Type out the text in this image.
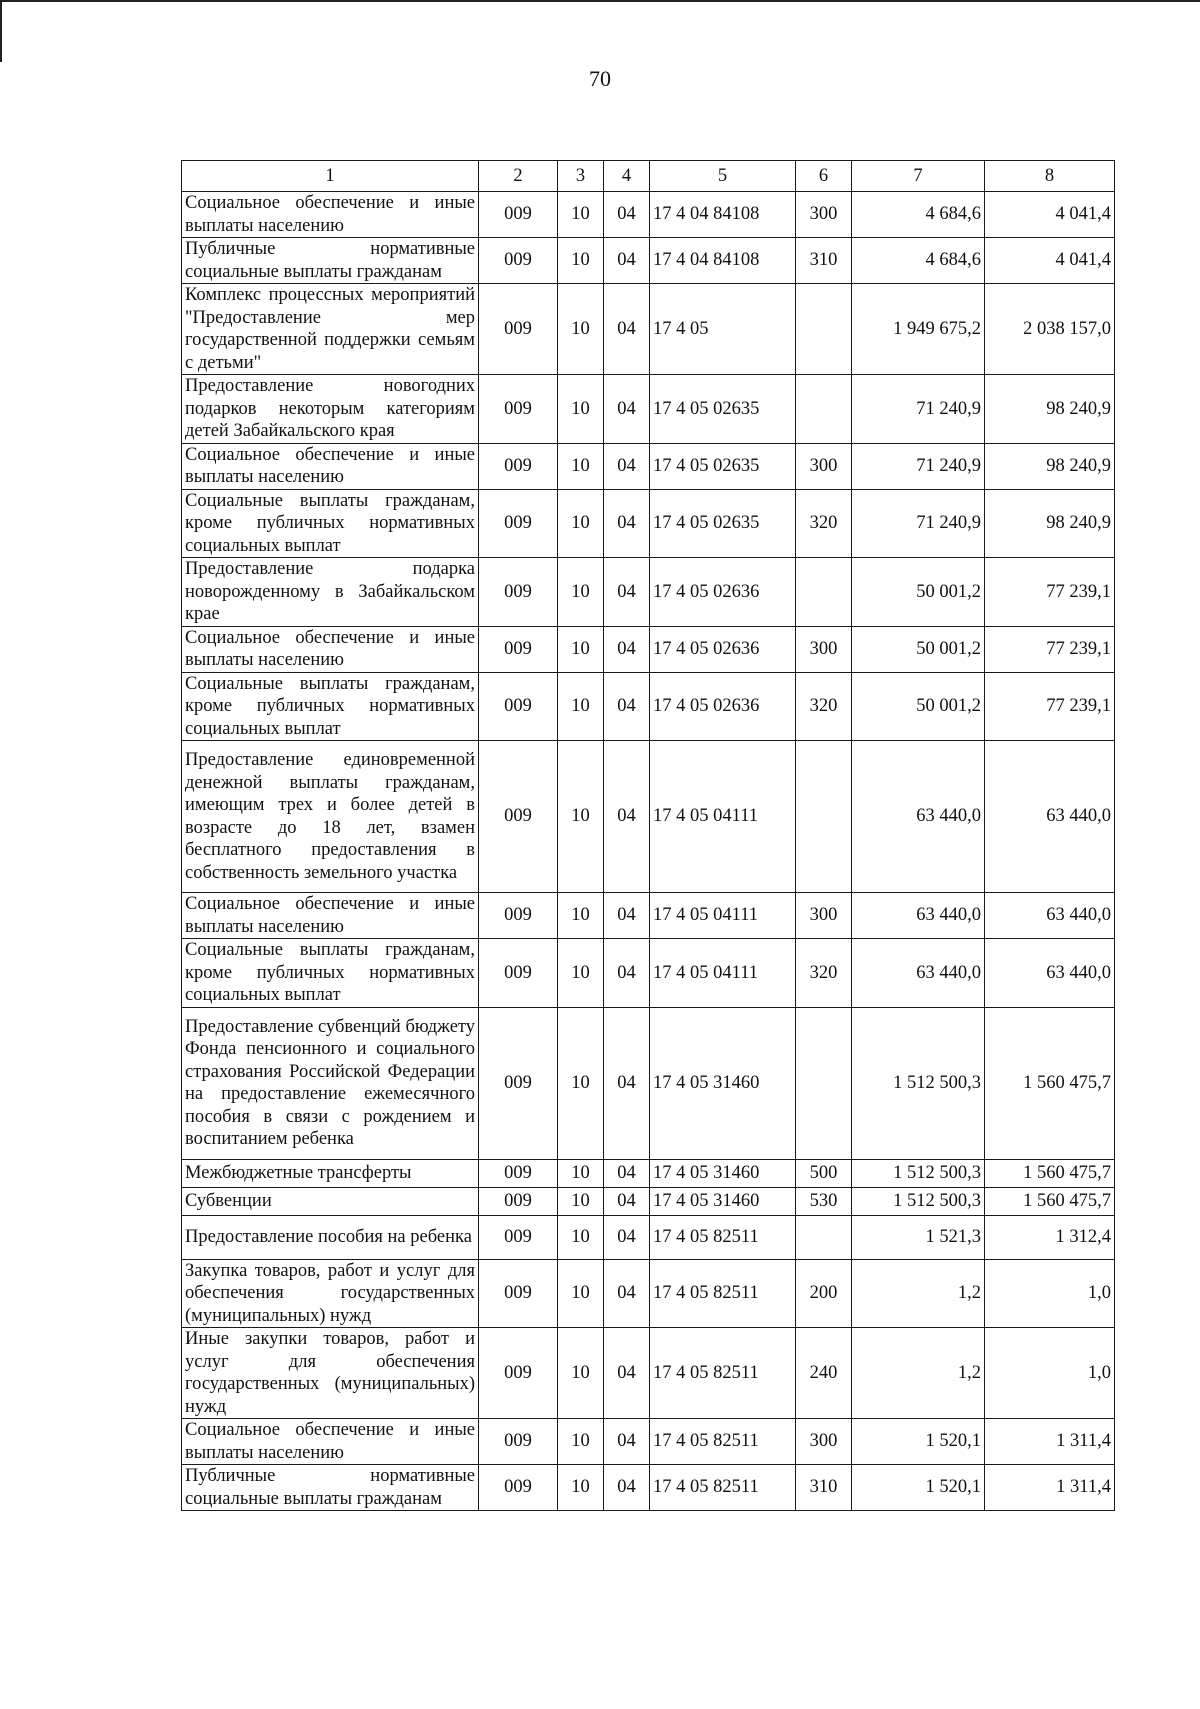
70
1	2	3	4	5	6	7	8
Социальное обеспечение и иные выплаты населению	009	10	04	17 4 04 84108	300	4 684,6	4 041,4
Публичные нормативные социальные выплаты гражданам	009	10	04	17 4 04 84108	310	4 684,6	4 041,4
Комплекс процессных мероприятий "Предоставление мер государственной поддержки семьям с детьми"	009	10	04	17 4 05		1 949 675,2	2 038 157,0
Предоставление новогодних подарков некоторым категориям детей Забайкальского края	009	10	04	17 4 05 02635		71 240,9	98 240,9
Социальное обеспечение и иные выплаты населению	009	10	04	17 4 05 02635	300	71 240,9	98 240,9
Социальные выплаты гражданам, кроме публичных нормативных социальных выплат	009	10	04	17 4 05 02635	320	71 240,9	98 240,9
Предоставление подарка новорожденному в Забайкальском крае	009	10	04	17 4 05 02636		50 001,2	77 239,1
Социальное обеспечение и иные выплаты населению	009	10	04	17 4 05 02636	300	50 001,2	77 239,1
Социальные выплаты гражданам, кроме публичных нормативных социальных выплат	009	10	04	17 4 05 02636	320	50 001,2	77 239,1
Предоставление единовременной денежной выплаты гражданам, имеющим трех и более детей в возрасте до 18 лет, взамен бесплатного предоставления в собственность земельного участка	009	10	04	17 4 05 04111		63 440,0	63 440,0
Социальное обеспечение и иные выплаты населению	009	10	04	17 4 05 04111	300	63 440,0	63 440,0
Социальные выплаты гражданам, кроме публичных нормативных социальных выплат	009	10	04	17 4 05 04111	320	63 440,0	63 440,0
Предоставление субвенций бюджету Фонда пенсионного и социального страхования Российской Федерации на предоставление ежемесячного пособия в связи с рождением и воспитанием ребенка	009	10	04	17 4 05 31460		1 512 500,3	1 560 475,7
Межбюджетные трансферты	009	10	04	17 4 05 31460	500	1 512 500,3	1 560 475,7
Субвенции	009	10	04	17 4 05 31460	530	1 512 500,3	1 560 475,7
Предоставление пособия на ребенка	009	10	04	17 4 05 82511		1 521,3	1 312,4
Закупка товаров, работ и услуг для обеспечения государственных (муниципальных) нужд	009	10	04	17 4 05 82511	200	1,2	1,0
Иные закупки товаров, работ и услуг для обеспечения государственных (муниципальных) нужд	009	10	04	17 4 05 82511	240	1,2	1,0
Социальное обеспечение и иные выплаты населению	009	10	04	17 4 05 82511	300	1 520,1	1 311,4
Публичные нормативные социальные выплаты гражданам	009	10	04	17 4 05 82511	310	1 520,1	1 311,4
